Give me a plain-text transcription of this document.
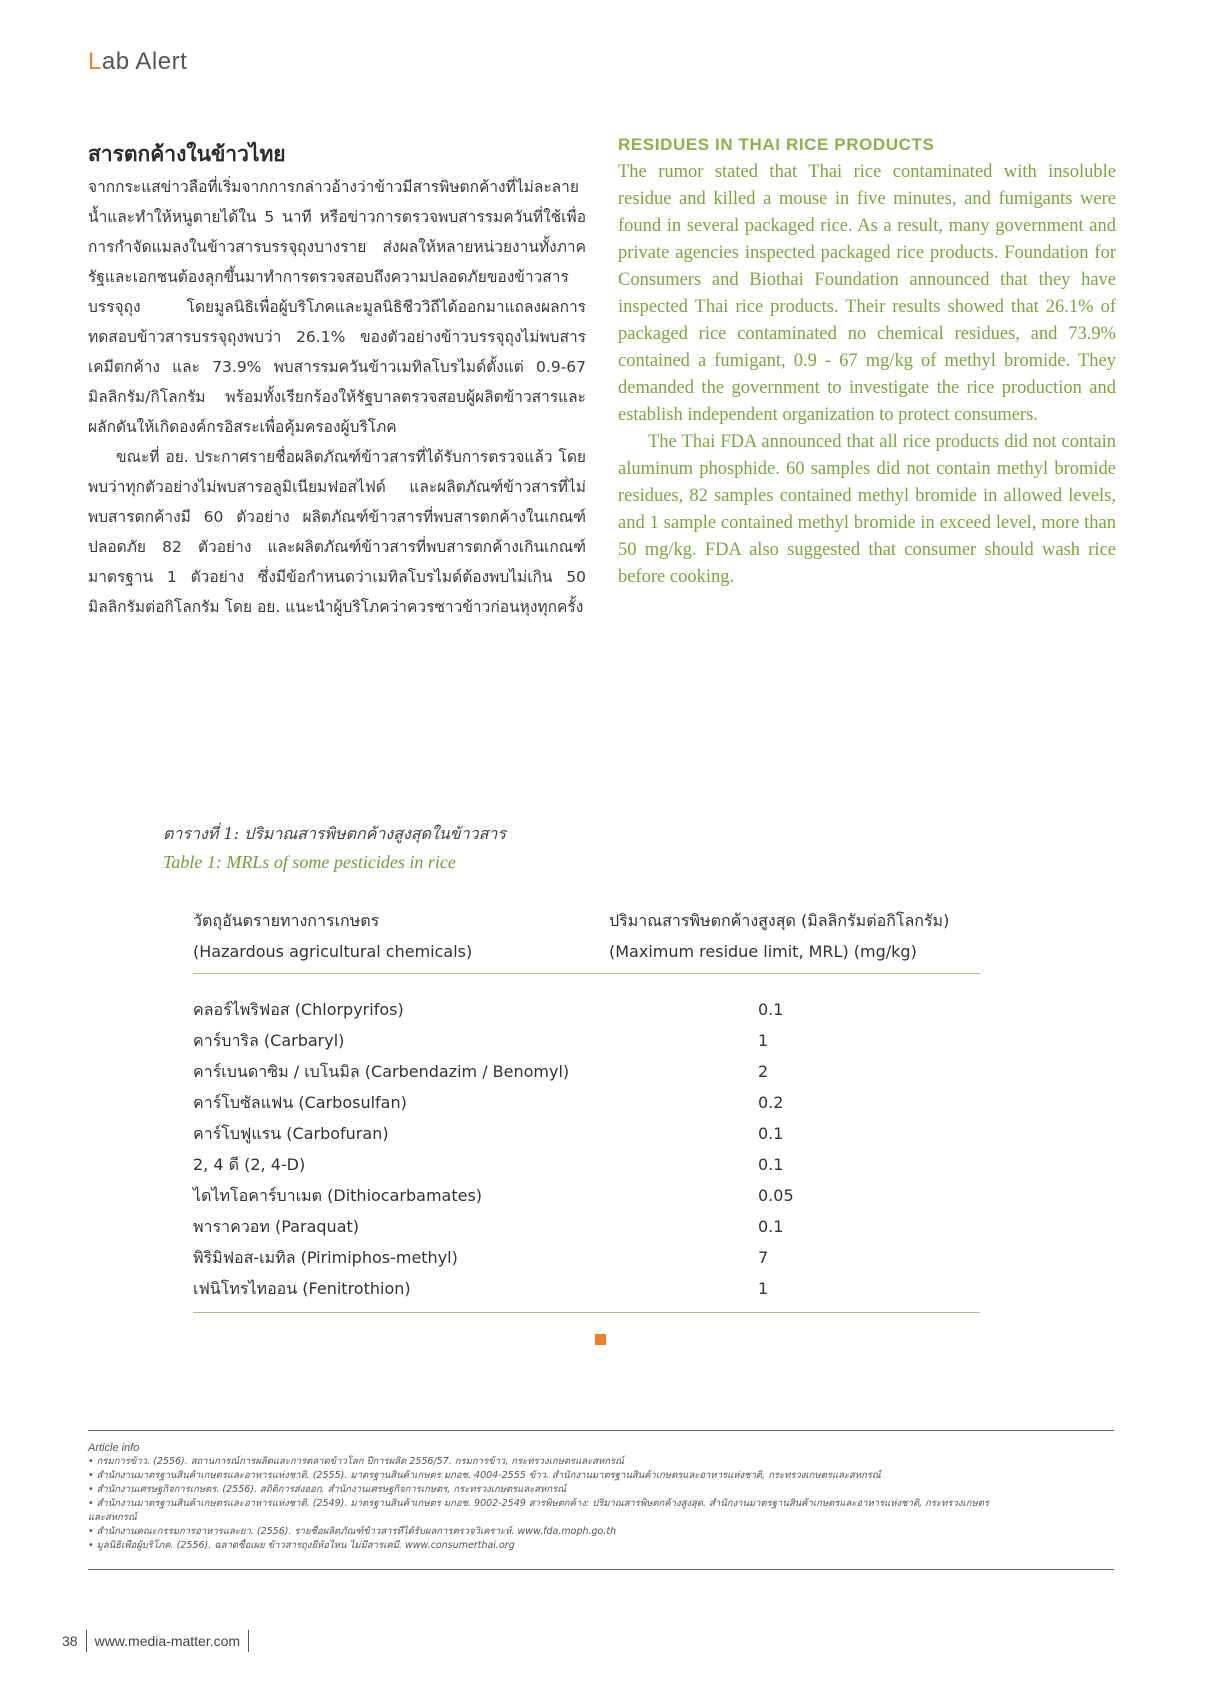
Lab Alert
สารตกค้างในข้าวไทย

จากกระแสข่าวลือที่เริ่มจากการกล่าวอ้างว่าข้าวมีสารพิษตกค้างที่ไม่ละลายน้ำและทำให้หนูตายได้ใน 5 นาที หรือข่าวการตรวจพบสารรมควันที่ใช้เพื่อการกำจัดแมลงในข้าวสารบรรจุถุงบางราย ส่งผลให้หลายหน่วยงานทั้งภาครัฐและเอกชนต้องลุกขึ้นมาทำการตรวจสอบถึงความปลอดภัยของข้าวสารบรรจุถุง โดยมูลนิธิเพื่อผู้บริโภคและมูลนิธิชีววิถีได้ออกมาแถลงผลการทดสอบข้าวสารบรรจุถุงพบว่า 26.1% ของตัวอย่างข้าวบรรจุถุงไม่พบสารเคมีตกค้าง และ 73.9% พบสารรมควันข้าวเมทิลโบรไมด์ตั้งแต่ 0.9-67 มิลลิกรัม/กิโลกรัม พร้อมทั้งเรียกร้องให้รัฐบาลตรวจสอบผู้ผลิตข้าวสารและผลักดันให้เกิดองค์กรอิสระเพื่อคุ้มครองผู้บริโภค

ขณะที่ อย. ประกาศรายชื่อผลิตภัณฑ์ข้าวสารที่ได้รับการตรวจแล้ว โดยพบว่าทุกตัวอย่างไม่พบสารอลูมิเนียมฟอสไฟด์ และผลิตภัณฑ์ข้าวสารที่ไม่พบสารตกค้างมี 60 ตัวอย่าง ผลิตภัณฑ์ข้าวสารที่พบสารตกค้างในเกณฑ์ปลอดภัย 82 ตัวอย่าง และผลิตภัณฑ์ข้าวสารที่พบสารตกค้างเกินเกณฑ์มาตรฐาน 1 ตัวอย่าง ซึ่งมีข้อกำหนดว่าเมทิลโบรไมด์ต้องพบไม่เกิน 50 มิลลิกรัมต่อกิโลกรัม โดย อย. แนะนำผู้บริโภคว่าควรซาวข้าวก่อนหุงทุกครั้ง

RESIDUES IN THAI RICE PRODUCTS

The rumor stated that Thai rice contaminated with insoluble residue and killed a mouse in five minutes, and fumigants were found in several packaged rice. As a result, many government and private agencies inspected packaged rice products. Foundation for Consumers and Biothai Foundation announced that they have inspected Thai rice products. Their results showed that 26.1% of packaged rice contaminated no chemical residues, and 73.9% contained a fumigant, 0.9 - 67 mg/kg of methyl bromide. They demanded the government to investigate the rice production and establish independent organization to protect consumers.

The Thai FDA announced that all rice products did not contain aluminum phosphide. 60 samples did not contain methyl bromide residues, 82 samples contained methyl bromide in allowed levels, and 1 sample contained methyl bromide in exceed level, more than 50 mg/kg. FDA also suggested that consumer should wash rice before cooking.

ตารางที่ 1: ปริมาณสารพิษตกค้างสูงสุดในข้าวสาร
Table 1: MRLs of some pesticides in rice
วัตถุอันตรายทางการเกษตร
(Hazardous agricultural chemicals)
ปริมาณสารพิษตกค้างสูงสุด (มิลลิกรัมต่อกิโลกรัม)
(Maximum residue limit, MRL) (mg/kg)
คลอร์ไพริฟอส (Chlorpyrifos)	0.1
คาร์บาริล (Carbaryl)	1
คาร์เบนดาซิม / เบโนมิล (Carbendazim / Benomyl)	2
คาร์โบซัลแฟน (Carbosulfan)	0.2
คาร์โบฟูแรน (Carbofuran)	0.1
2, 4 ดี (2, 4-D)	0.1
ไดไทโอคาร์บาเมต (Dithiocarbamates)	0.05
พาราควอท (Paraquat)	0.1
พิริมิฟอส-เมทิล (Pirimiphos-methyl)	7
เฟนิโทรไทออน (Fenitrothion)	1
Article info
• กรมการข้าว. (2556). สถานการณ์การผลิตและการตลาดข้าวโลก ปีการผลิต 2556/57. กรมการข้าว, กระทรวงเกษตรและสหกรณ์
• สำนักงานมาตรฐานสินค้าเกษตรและอาหารแห่งชาติ. (2555). มาตรฐานสินค้าเกษตร มกอช. 4004-2555 ข้าว. สำนักงานมาตรฐานสินค้าเกษตรและอาหารแห่งชาติ, กระทรวงเกษตรและสหกรณ์
• สำนักงานเศรษฐกิจการเกษตร. (2556). สถิติการส่งออก. สำนักงานเศรษฐกิจการเกษตร, กระทรวงเกษตรและสหกรณ์
• สำนักงานมาตรฐานสินค้าเกษตรและอาหารแห่งชาติ. (2549). มาตรฐานสินค้าเกษตร มกอช. 9002-2549 สารพิษตกค้าง: ปริมาณสารพิษตกค้างสูงสุด. สำนักงานมาตรฐานสินค้าเกษตรและอาหารแห่งชาติ, กระทรวงเกษตร
และสหกรณ์
• สำนักงานคณะกรรมการอาหารและยา. (2556). รายชื่อผลิตภัณฑ์ข้าวสารที่ได้รับผลการตรวจวิเคราะห์. www.fda.moph.go.th
• มูลนิธิเพื่อผู้บริโภค. (2556). ฉลาดซื้อเผย ข้าวสารถุงยี่ห้อไหน ไม่มีสารเคมี. www.consumerthai.org
38 www.media-matter.com
